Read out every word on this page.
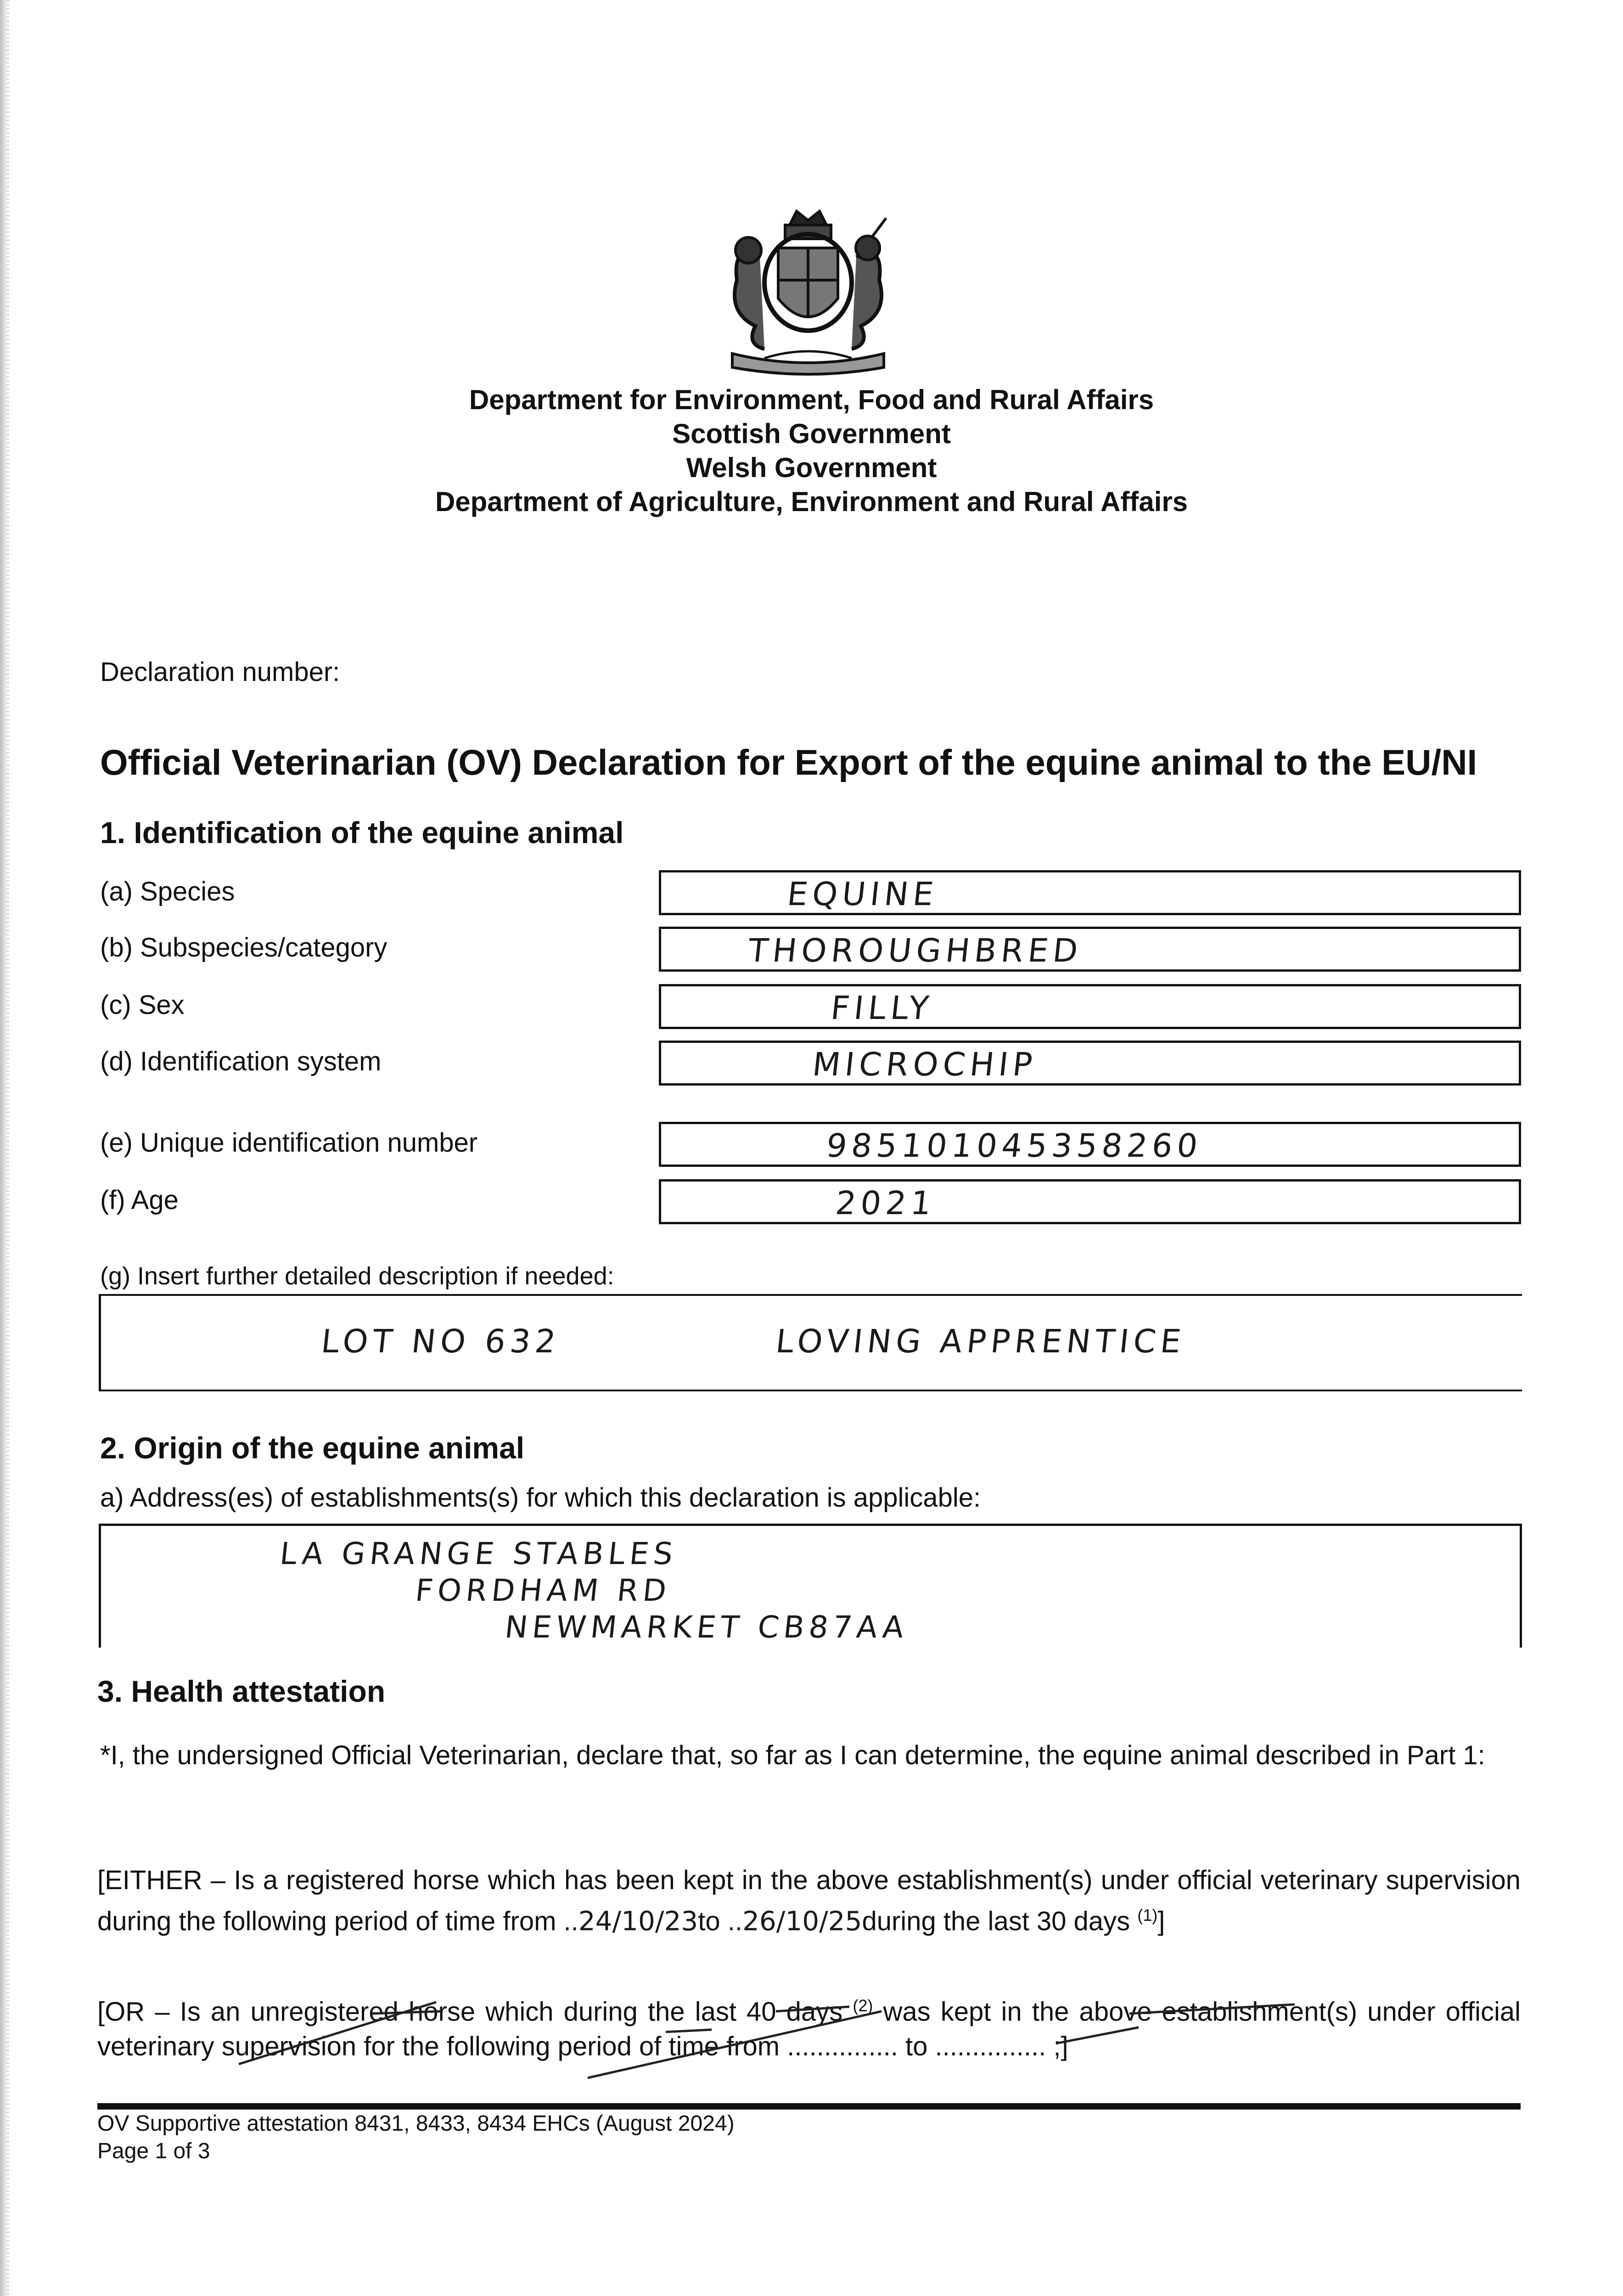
Department for Environment, Food and Rural Affairs
Scottish Government
Welsh Government
Department of Agriculture, Environment and Rural Affairs
Declaration number:
Official Veterinarian (OV) Declaration for Export of the equine animal to the EU/NI
1. Identification of the equine animal
(a) Species	EQUINE
(b) Subspecies/category	THOROUGHBRED
(c) Sex	FILLY
(d) Identification system	MICROCHIP
(e) Unique identification number	985101045358260
(f) Age	2021
(g) Insert further detailed description if needed:
LOT NO 632	LOVING APPRENTICE
2. Origin of the equine animal
a) Address(es) of establishments(s) for which this declaration is applicable:
LA GRANGE STABLES
FORDHAM RD
NEWMARKET CB87AA
3. Health attestation
*I, the undersigned Official Veterinarian, declare that, so far as I can determine, the equine animal described in Part 1:
[EITHER – Is a registered horse which has been kept in the above establishment(s) under official veterinary supervision during the following period of time from ..24/10/23to ..26/10/25during the last 30 days $^{(1)}$]
[OR – Is an unregistered horse which during the last 40 days $^{(2)}$ was kept in the above establishment(s) under official veterinary supervision for the following period of time from ............... to ............... ;]
OV Supportive attestation 8431, 8433, 8434 EHCs (August 2024)
Page 1 of 3
